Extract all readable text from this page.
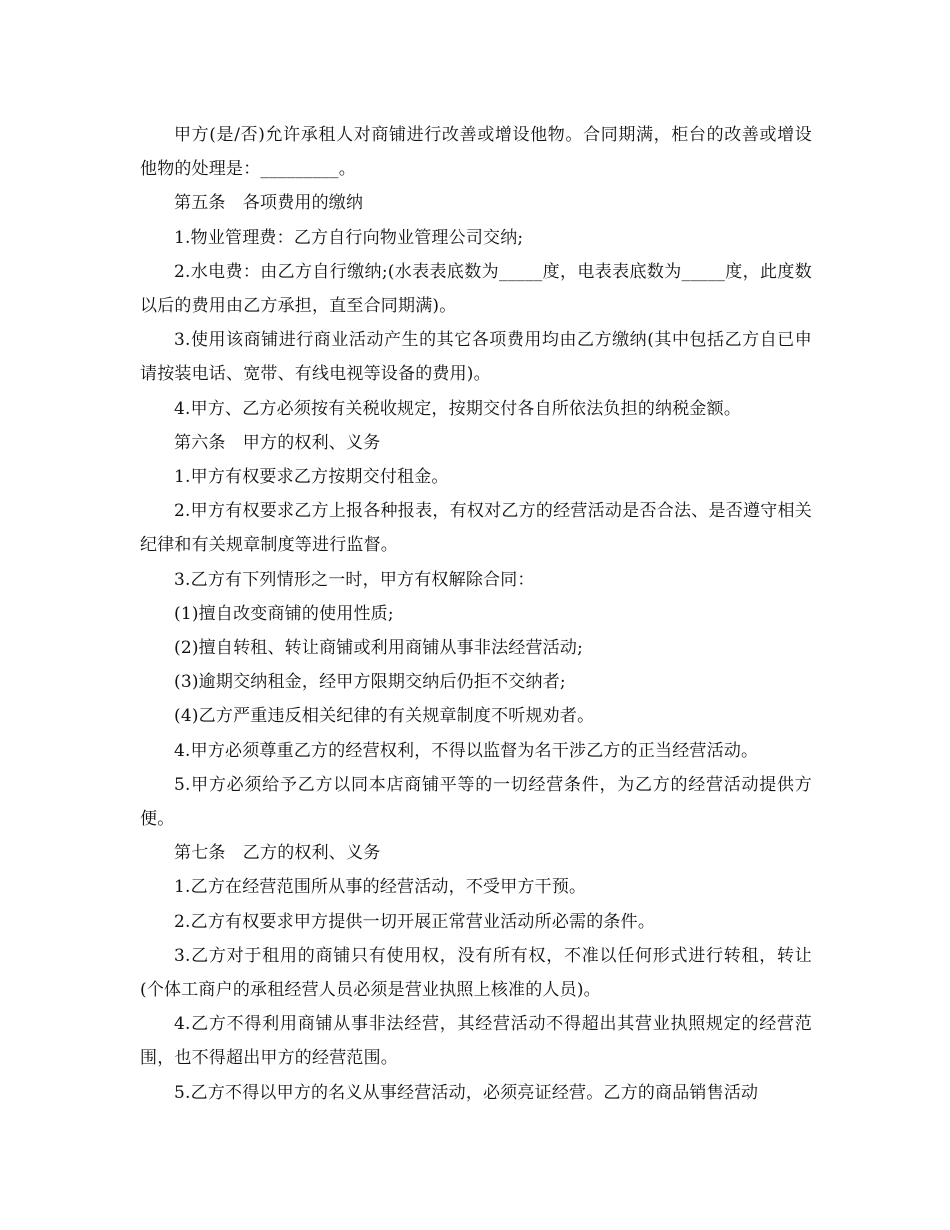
甲方(是/否)允许承租人对商铺进行改善或增设他物。合同期满，柜台的改善或增设他物的处理是：_________。

第五条　各项费用的缴纳

1.物业管理费：乙方自行向物业管理公司交纳;

2.水电费：由乙方自行缴纳;(水表表底数为_____度，电表表底数为_____度，此度数以后的费用由乙方承担，直至合同期满)。

3.使用该商铺进行商业活动产生的其它各项费用均由乙方缴纳(其中包括乙方自已申请按装电话、宽带、有线电视等设备的费用)。

4.甲方、乙方必须按有关税收规定，按期交付各自所依法负担的纳税金额。

第六条　甲方的权利、义务

1.甲方有权要求乙方按期交付租金。

2.甲方有权要求乙方上报各种报表，有权对乙方的经营活动是否合法、是否遵守相关纪律和有关规章制度等进行监督。

3.乙方有下列情形之一时，甲方有权解除合同：

(1)擅自改变商铺的使用性质;

(2)擅自转租、转让商铺或利用商铺从事非法经营活动;

(3)逾期交纳租金，经甲方限期交纳后仍拒不交纳者;

(4)乙方严重违反相关纪律的有关规章制度不听规劝者。

4.甲方必须尊重乙方的经营权利，不得以监督为名干涉乙方的正当经营活动。

5.甲方必须给予乙方以同本店商铺平等的一切经营条件，为乙方的经营活动提供方便。

第七条　乙方的权利、义务

1.乙方在经营范围所从事的经营活动，不受甲方干预。

2.乙方有权要求甲方提供一切开展正常营业活动所必需的条件。

3.乙方对于租用的商铺只有使用权，没有所有权，不准以任何形式进行转租，转让(个体工商户的承租经营人员必须是营业执照上核准的人员)。

4.乙方不得利用商铺从事非法经营，其经营活动不得超出其营业执照规定的经营范围，也不得超出甲方的经营范围。

5.乙方不得以甲方的名义从事经营活动，必须亮证经营。乙方的商品销售活动
